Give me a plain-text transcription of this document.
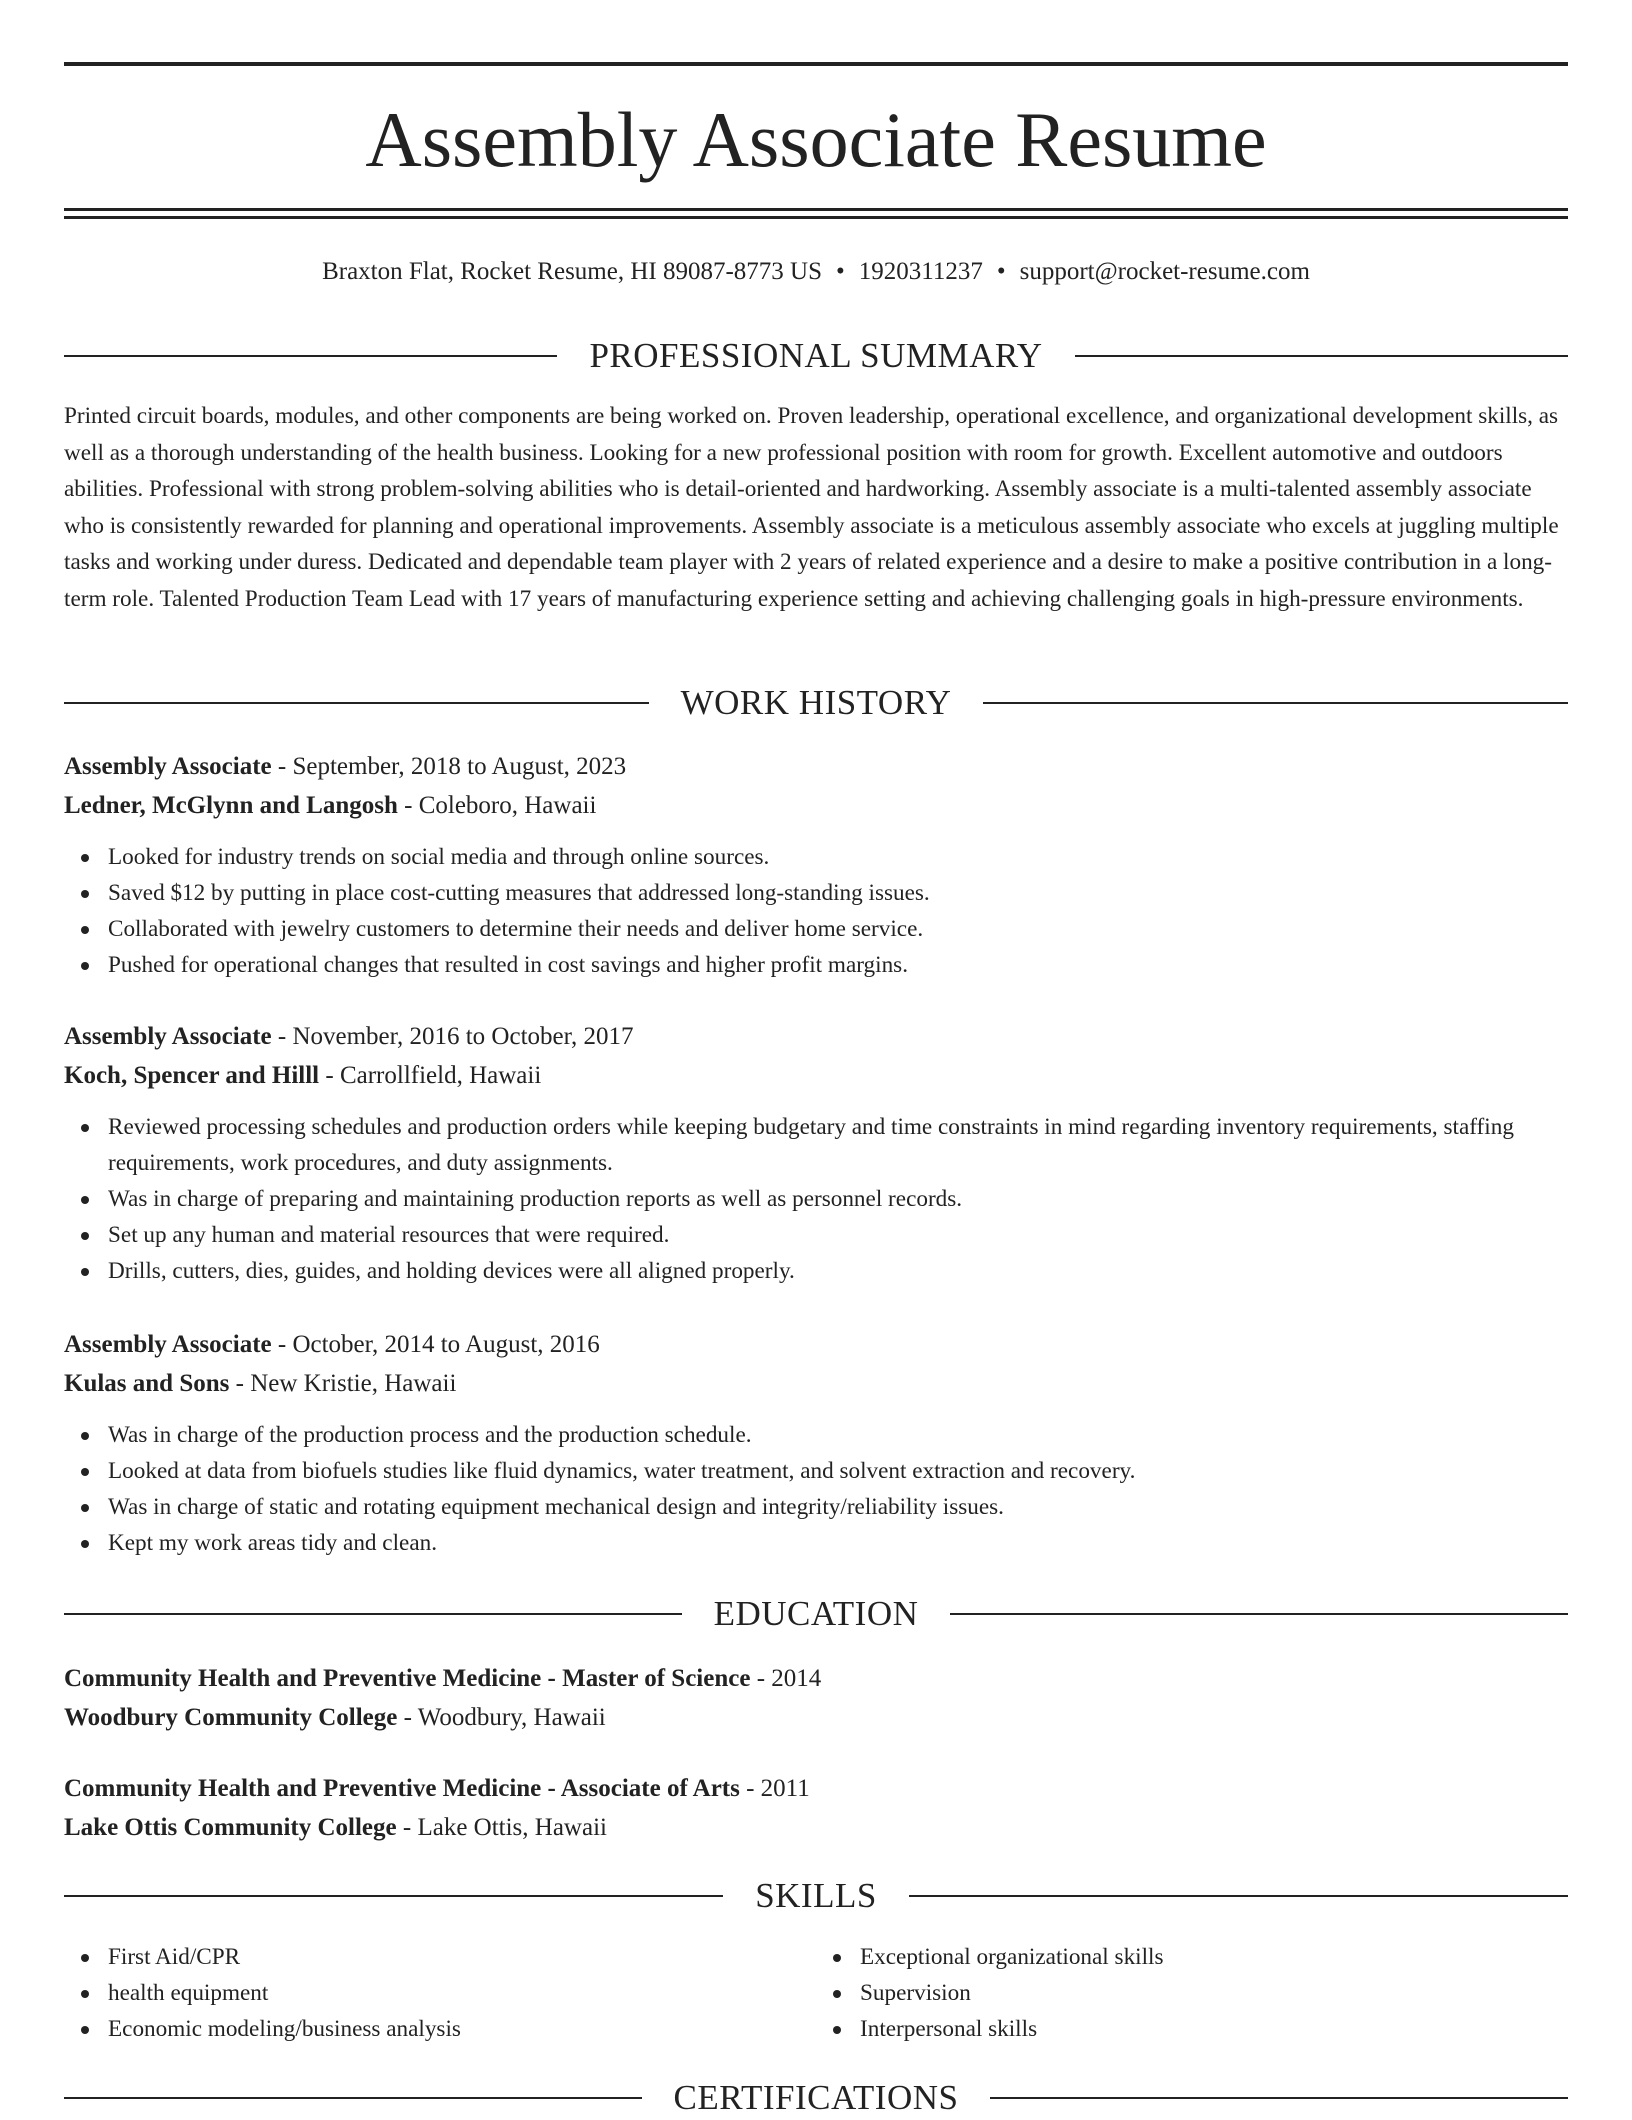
Assembly Associate Resume
Braxton Flat, Rocket Resume, HI 89087-8773 US • 1920311237 • support@rocket-resume.com
PROFESSIONAL SUMMARY

Printed circuit boards, modules, and other components are being worked on. Proven leadership, operational excellence, and organizational development skills, as well as a thorough understanding of the health business. Looking for a new professional position with room for growth. Excellent automotive and outdoors abilities. Professional with strong problem-solving abilities who is detail-oriented and hardworking. Assembly associate is a multi-talented assembly associate who is consistently rewarded for planning and operational improvements. Assembly associate is a meticulous assembly associate who excels at juggling multiple tasks and working under duress. Dedicated and dependable team player with 2 years of related experience and a desire to make a positive contribution in a long-term role. Talented Production Team Lead with 17 years of manufacturing experience setting and achieving challenging goals in high-pressure environments.

WORK HISTORY

Assembly Associate - September, 2018 to August, 2023

Ledner, McGlynn and Langosh - Coleboro, Hawaii

Looked for industry trends on social media and through online sources.
Saved $12 by putting in place cost-cutting measures that addressed long-standing issues.
Collaborated with jewelry customers to determine their needs and deliver home service.
Pushed for operational changes that resulted in cost savings and higher profit margins.

Assembly Associate - November, 2016 to October, 2017

Koch, Spencer and Hilll - Carrollfield, Hawaii

Reviewed processing schedules and production orders while keeping budgetary and time constraints in mind regarding inventory requirements, staffing requirements, work procedures, and duty assignments.
Was in charge of preparing and maintaining production reports as well as personnel records.
Set up any human and material resources that were required.
Drills, cutters, dies, guides, and holding devices were all aligned properly.

Assembly Associate - October, 2014 to August, 2016

Kulas and Sons - New Kristie, Hawaii

Was in charge of the production process and the production schedule.
Looked at data from biofuels studies like fluid dynamics, water treatment, and solvent extraction and recovery.
Was in charge of static and rotating equipment mechanical design and integrity/reliability issues.
Kept my work areas tidy and clean.
EDUCATION

Community Health and Preventive Medicine - Master of Science - 2014

Woodbury Community College - Woodbury, Hawaii

Community Health and Preventive Medicine - Associate of Arts - 2011

Lake Ottis Community College - Lake Ottis, Hawaii

SKILLS
First Aid/CPR
health equipment
Economic modeling/business analysis
Exceptional organizational skills
Supervision
Interpersonal skills
CERTIFICATIONS
